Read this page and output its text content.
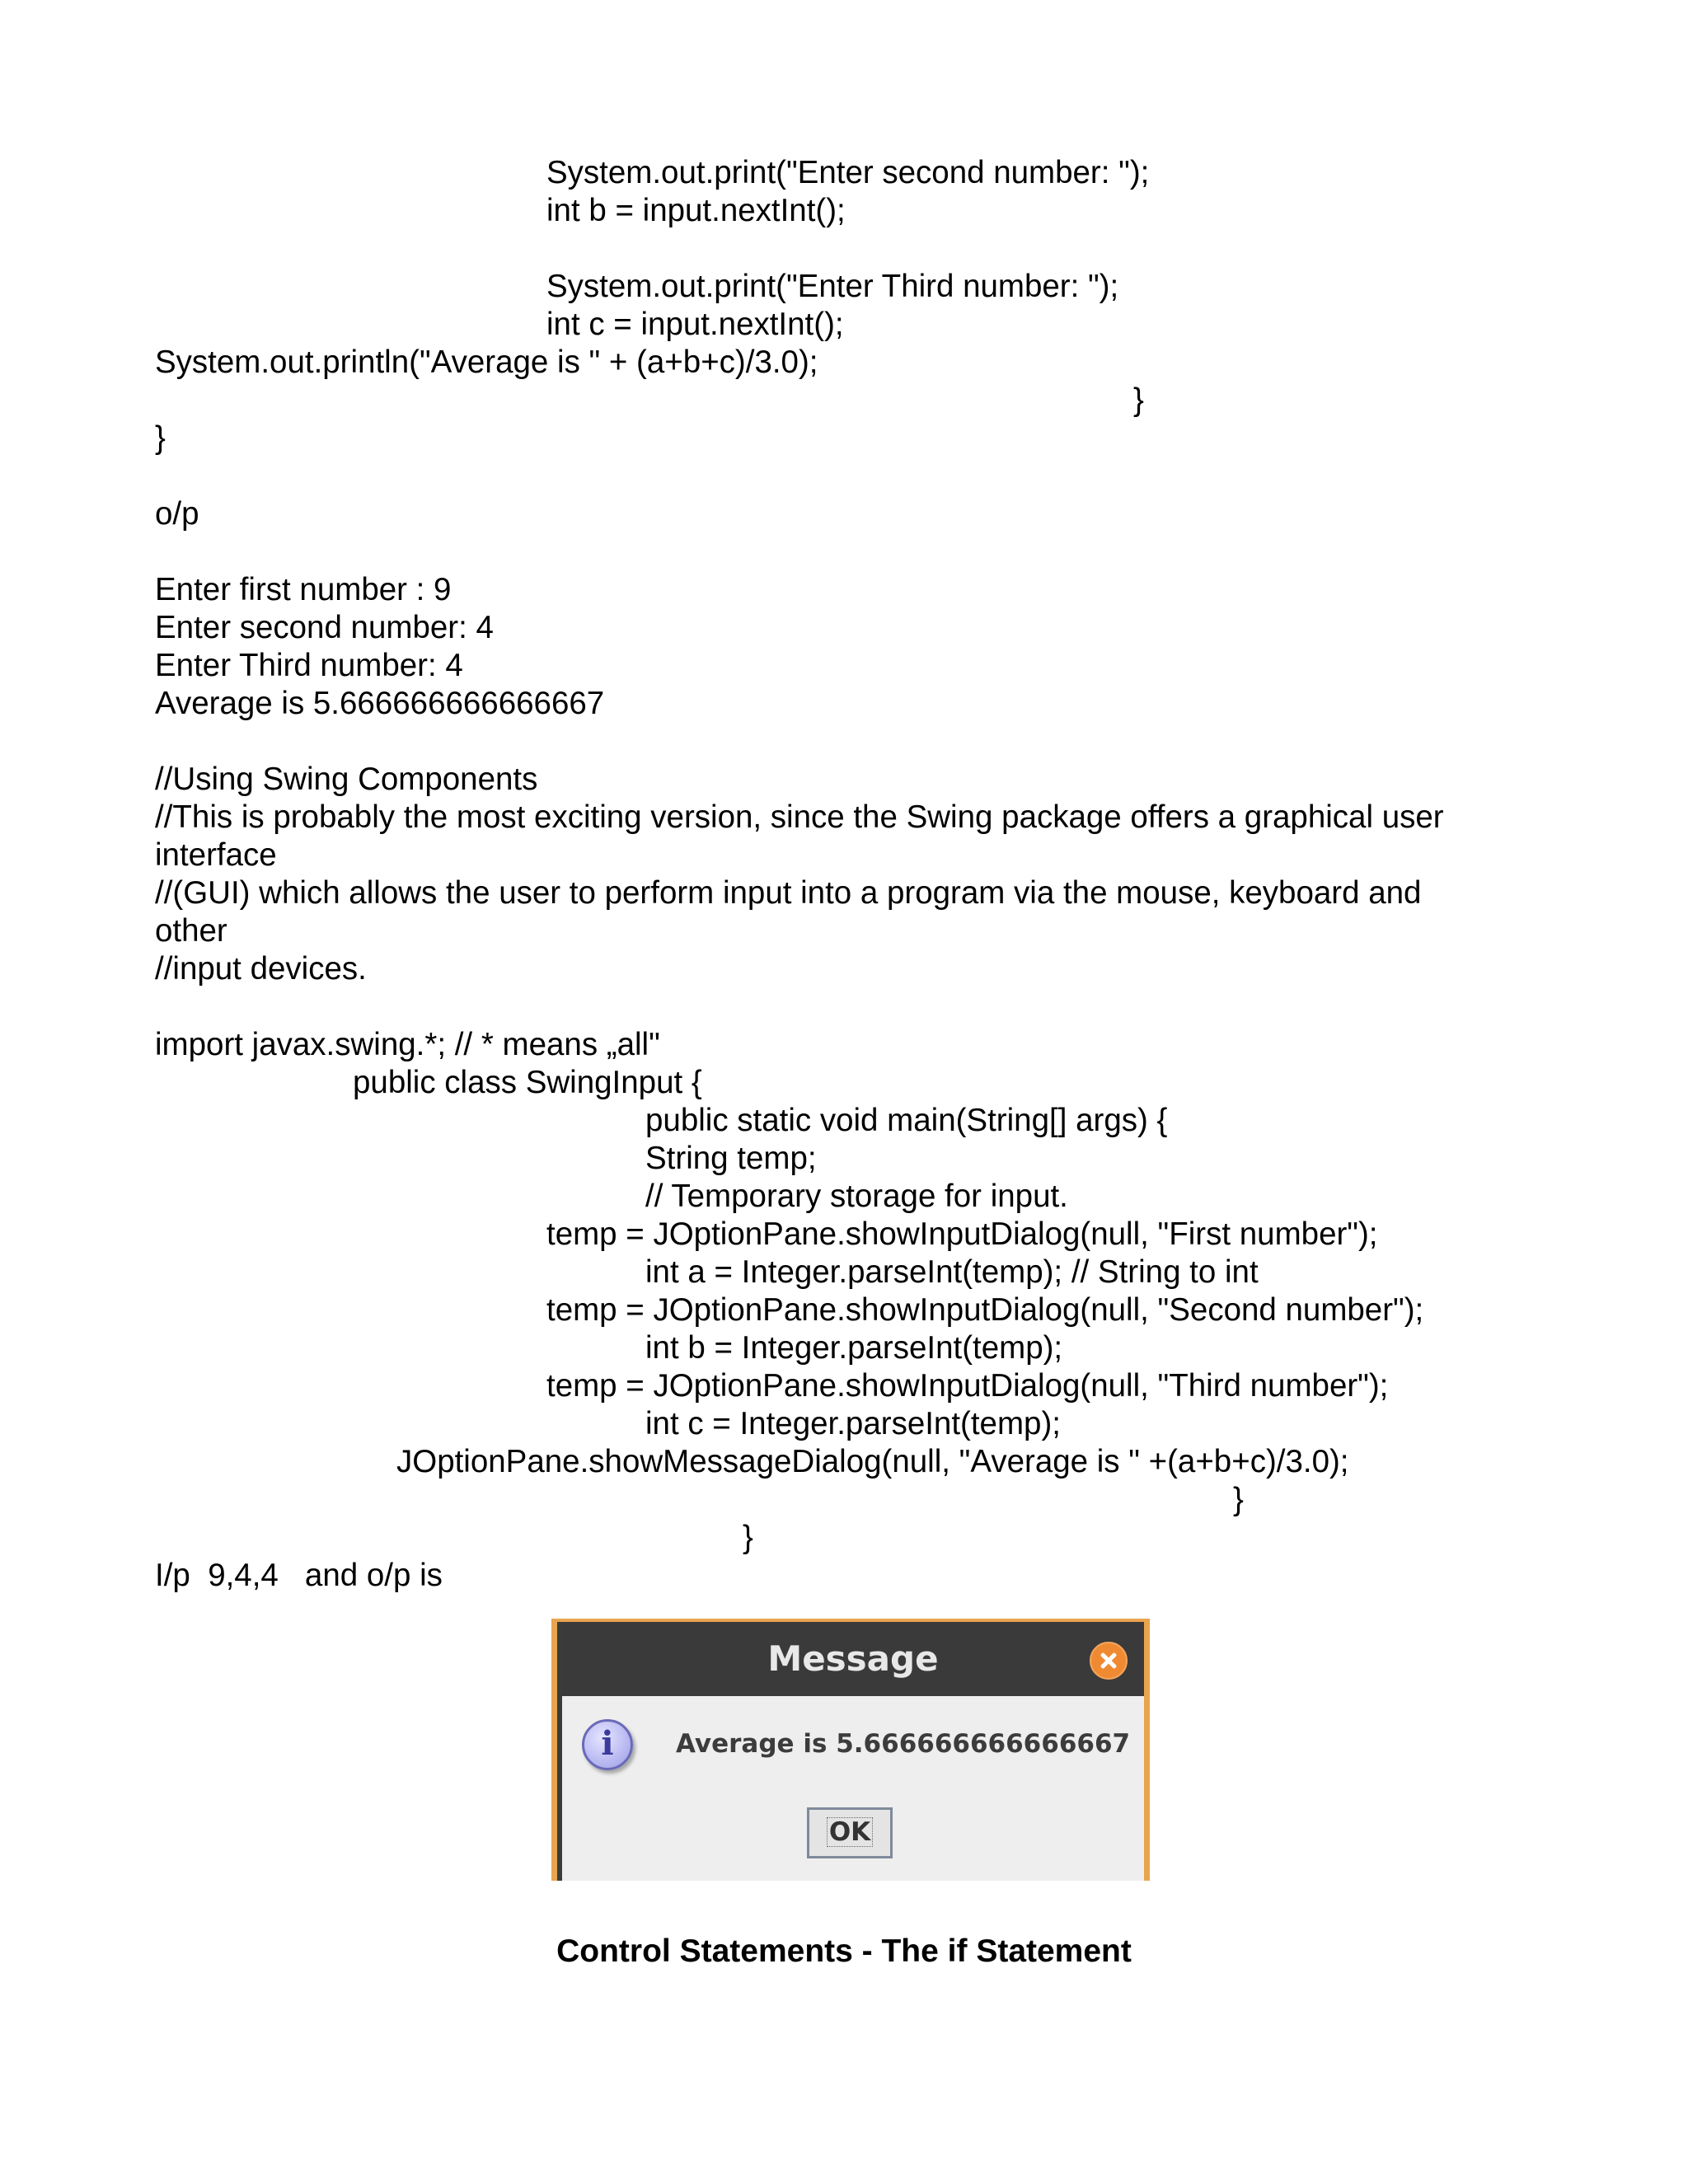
System.out.print("Enter second number: ");

int b = input.nextInt();

System.out.print("Enter Third number: ");

int c = input.nextInt();

System.out.println("Average is " + (a+b+c)/3.0);

}

}

o/p

Enter first number : 9

Enter second number: 4

Enter Third number: 4

Average is 5.666666666666667

//Using Swing Components

//This is probably the most exciting version, since the Swing package offers a graphical user

interface

//(GUI) which allows the user to perform input into a program via the mouse, keyboard and

other

//input devices.

import javax.swing.*; // * means „all"

public class SwingInput {

public static void main(String[] args) {

String temp;

// Temporary storage for input.

temp = JOptionPane.showInputDialog(null, "First number");

int a = Integer.parseInt(temp); // String to int

temp = JOptionPane.showInputDialog(null, "Second number");

int b = Integer.parseInt(temp);

temp = JOptionPane.showInputDialog(null, "Third number");

int c = Integer.parseInt(temp);

JOptionPane.showMessageDialog(null, "Average is " +(a+b+c)/3.0);

}

}

I/p  9,4,4   and o/p is

Message
i	Average is 5.666666666666667
OK
Control Statements - The if Statement
